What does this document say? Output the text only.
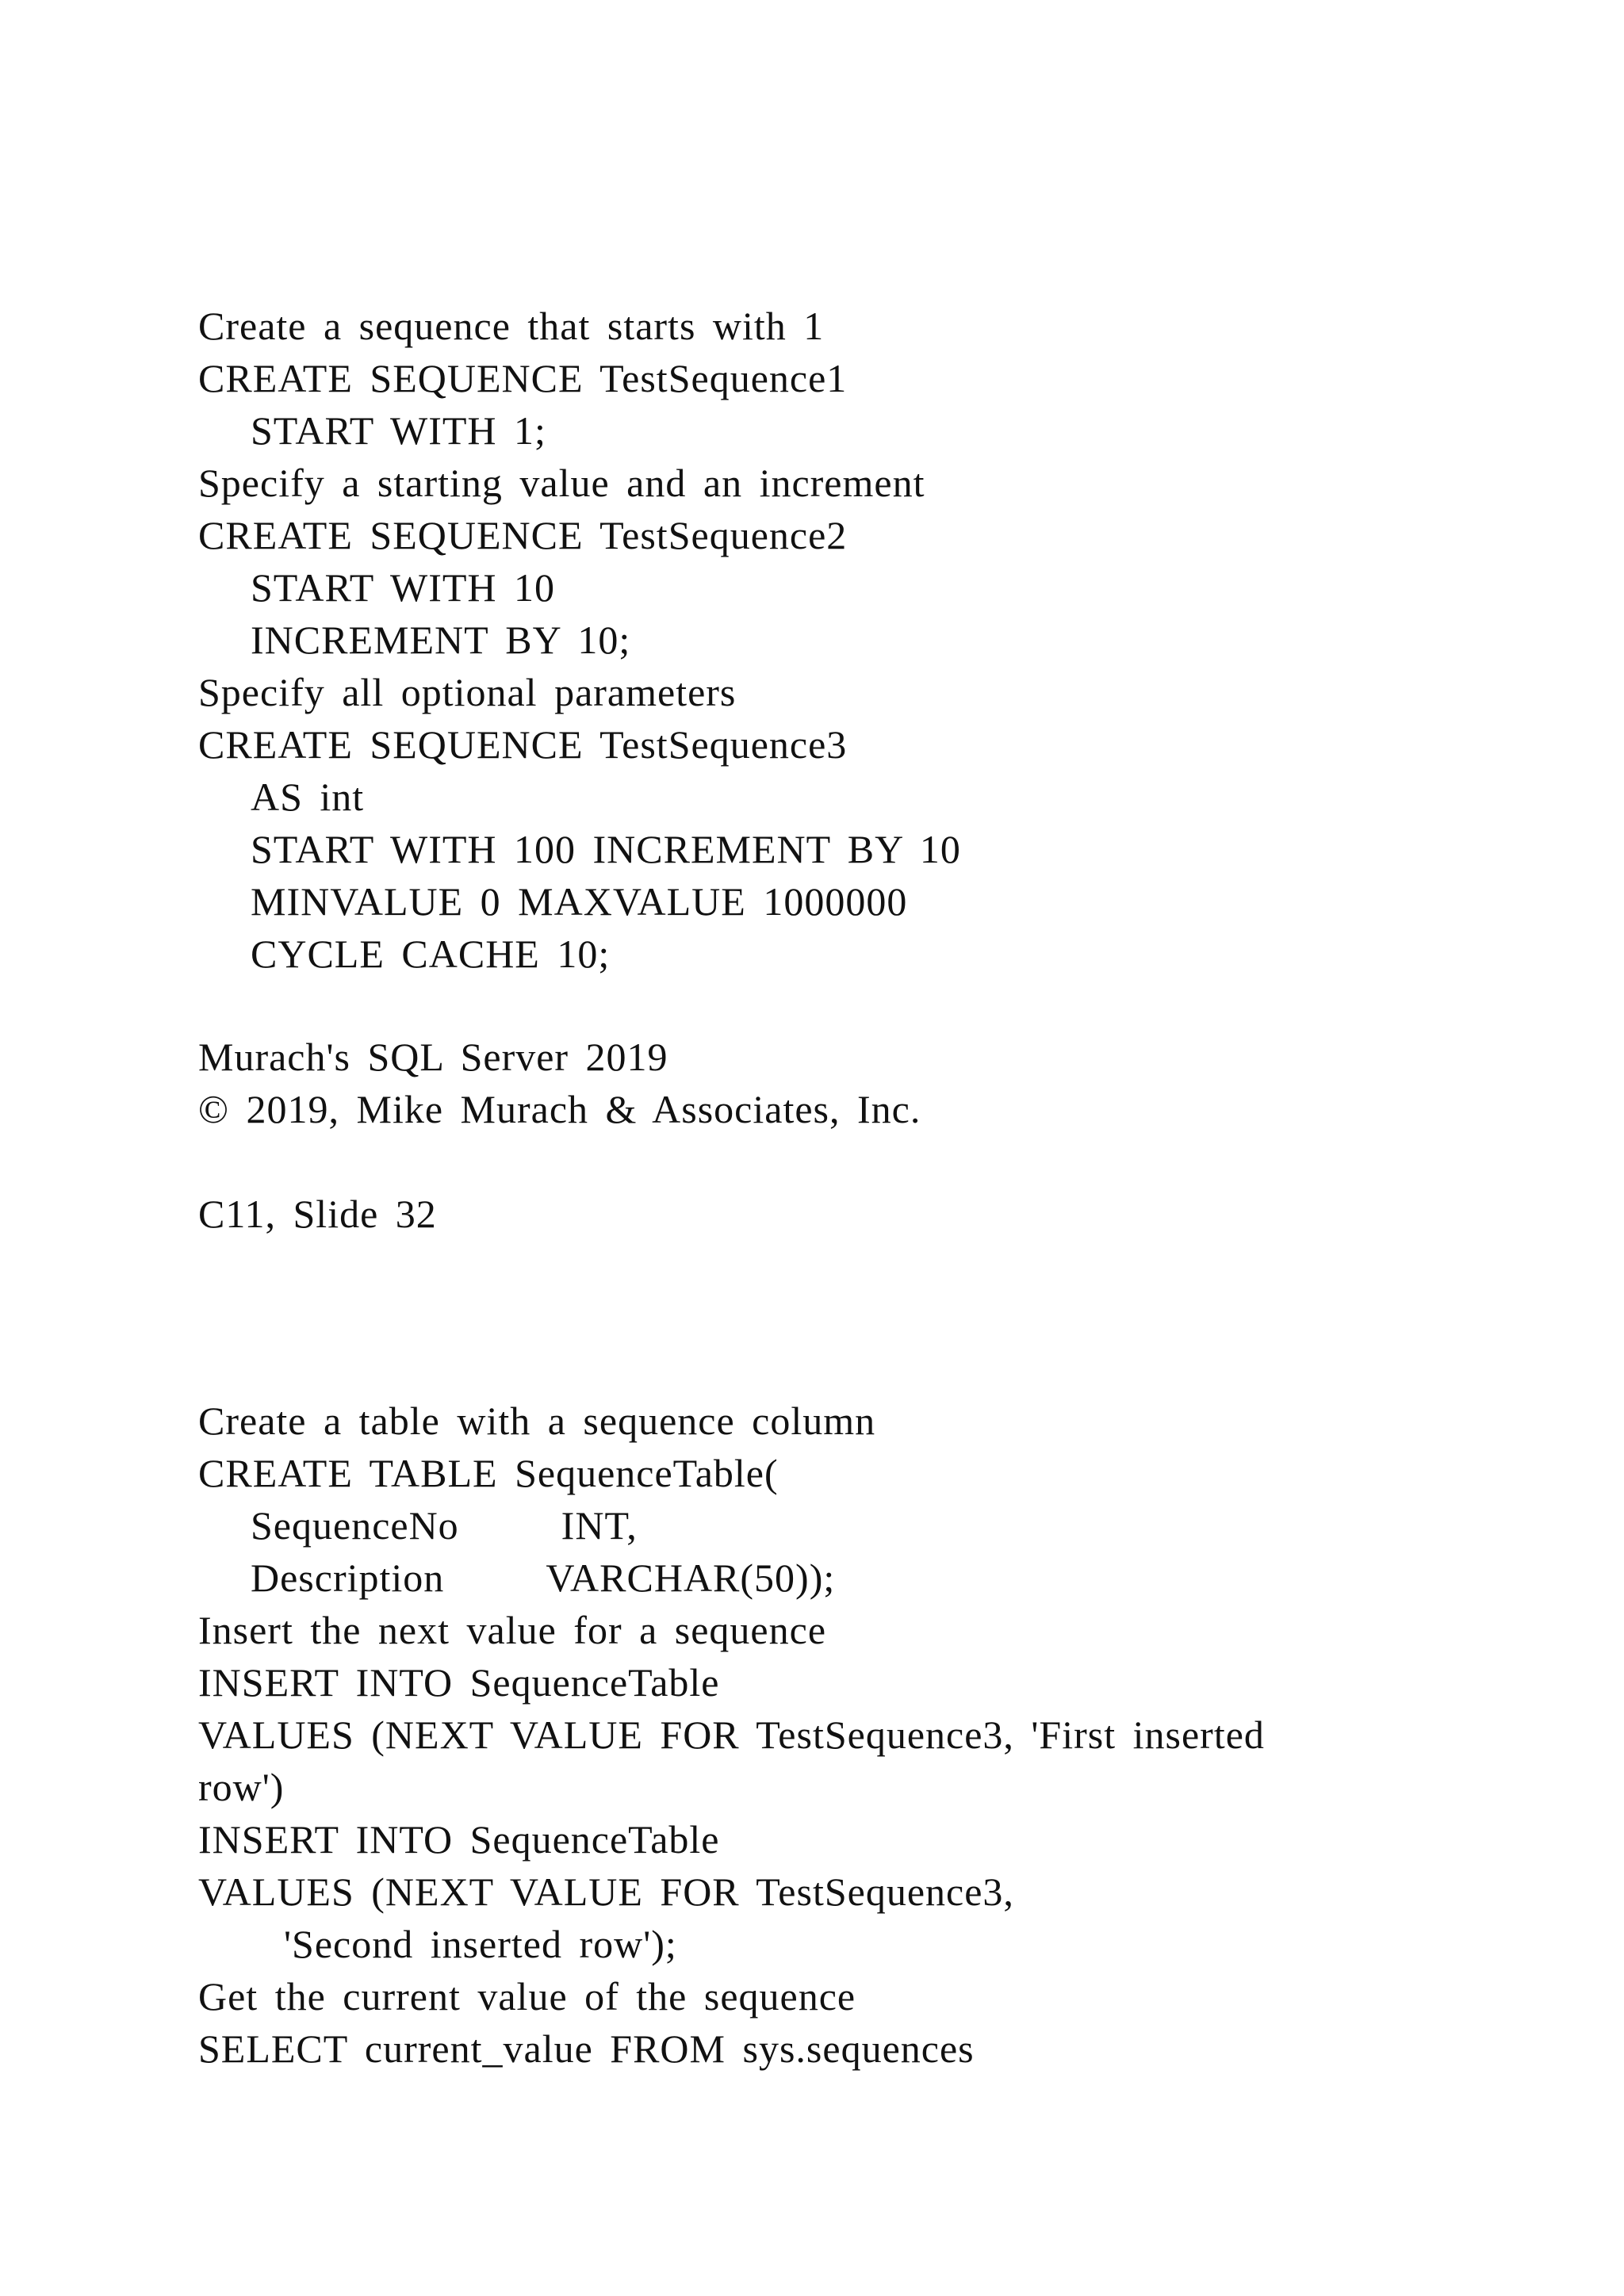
Create a sequence that starts with 1
CREATE SEQUENCE TestSequence1
START WITH 1;
Specify a starting value and an increment
CREATE SEQUENCE TestSequence2
START WITH 10
INCREMENT BY 10;
Specify all optional parameters
CREATE SEQUENCE TestSequence3
AS int
START WITH 100 INCREMENT BY 10
MINVALUE 0 MAXVALUE 1000000
CYCLE CACHE 10;
Murach's SQL Server 2019
© 2019, Mike Murach & Associates, Inc.
C11, Slide 32
Create a table with a sequence column
CREATE TABLE SequenceTable(
SequenceNo      INT,
Description      VARCHAR(50));
Insert the next value for a sequence
INSERT INTO SequenceTable
VALUES (NEXT VALUE FOR TestSequence3, 'First inserted
row')
INSERT INTO SequenceTable
VALUES (NEXT VALUE FOR TestSequence3,
'Second inserted row');
Get the current value of the sequence
SELECT current_value FROM sys.sequences
